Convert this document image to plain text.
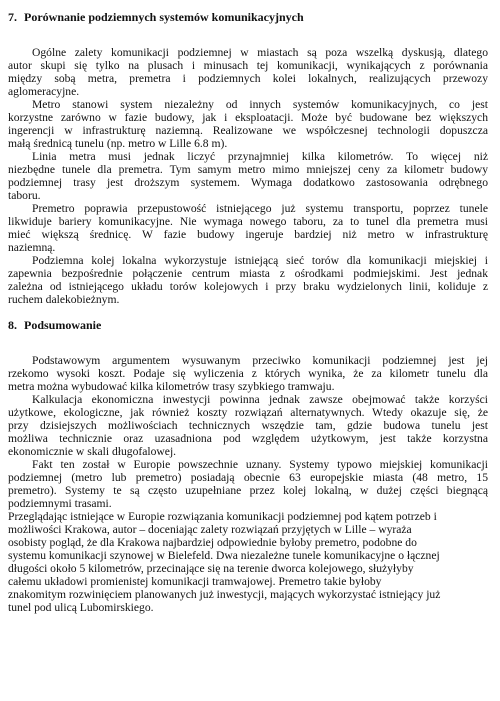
7. Porównanie podziemnych systemów komunikacyjnych
Ogólne zalety komunikacji podziemnej w miastach są poza wszelką dyskusją, dlatego
autor skupi się tylko na plusach i minusach tej komunikacji, wynikających z porównania
między sobą metra, premetra i podziemnych kolei lokalnych, realizujących przewozy
aglomeracyjne.
Metro stanowi system niezależny od innych systemów komunikacyjnych, co jest
korzystne zarówno w fazie budowy, jak i eksploatacji. Może być budowane bez większych
ingerencji w infrastrukturę naziemną. Realizowane we współczesnej technologii dopuszcza
małą średnicą tunelu (np. metro w Lille 6.8 m).
Linia metra musi jednak liczyć przynajmniej kilka kilometrów. To więcej niż
niezbędne tunele dla premetra. Tym samym metro mimo mniejszej ceny za kilometr budowy
podziemnej trasy jest droższym systemem. Wymaga dodatkowo zastosowania odrębnego
taboru.
Premetro poprawia przepustowość istniejącego już systemu transportu, poprzez tunele
likwiduje bariery komunikacyjne. Nie wymaga nowego taboru, za to tunel dla premetra musi
mieć większą średnicę. W fazie budowy ingeruje bardziej niż metro w infrastrukturę
naziemną.
Podziemna kolej lokalna wykorzystuje istniejącą sieć torów dla komunikacji miejskiej i
zapewnia bezpośrednie połączenie centrum miasta z ośrodkami podmiejskimi. Jest jednak
zależna od istniejącego układu torów kolejowych i przy braku wydzielonych linii, koliduje z
ruchem dalekobieżnym.
8. Podsumowanie
Podstawowym argumentem wysuwanym przeciwko komunikacji podziemnej jest jej
rzekomo wysoki koszt. Podaje się wyliczenia z których wynika, że za kilometr tunelu dla
metra można wybudować kilka kilometrów trasy szybkiego tramwaju.
Kalkulacja ekonomiczna inwestycji powinna jednak zawsze obejmować także korzyści
użytkowe, ekologiczne, jak również koszty rozwiązań alternatywnych. Wtedy okazuje się, że
przy dzisiejszych możliwościach technicznych wszędzie tam, gdzie budowa tunelu jest
możliwa technicznie oraz uzasadniona pod względem użytkowym, jest także korzystna
ekonomicznie w skali długofalowej.
Fakt ten został w Europie powszechnie uznany. Systemy typowo miejskiej komunikacji
podziemnej (metro lub premetro) posiadają obecnie 63 europejskie miasta (48 metro, 15
premetro). Systemy te są często uzupełniane przez kolej lokalną, w dużej części biegnącą
podziemnymi trasami.
Przeglądając istniejące w Europie rozwiązania komunikacji podziemnej pod kątem potrzeb i
możliwości Krakowa, autor – doceniając zalety rozwiązań przyjętych w Lille – wyraża
osobisty pogląd, że dla Krakowa najbardziej odpowiednie byłoby premetro, podobne do
systemu komunikacji szynowej w Bielefeld. Dwa niezależne tunele komunikacyjne o łącznej
długości około 5 kilometrów, przecinające się na terenie dworca kolejowego, służyłyby
całemu układowi promienistej komunikacji tramwajowej. Premetro takie byłoby
znakomitym rozwinięciem planowanych już inwestycji, mających wykorzystać istniejący już
tunel pod ulicą Lubomirskiego.
